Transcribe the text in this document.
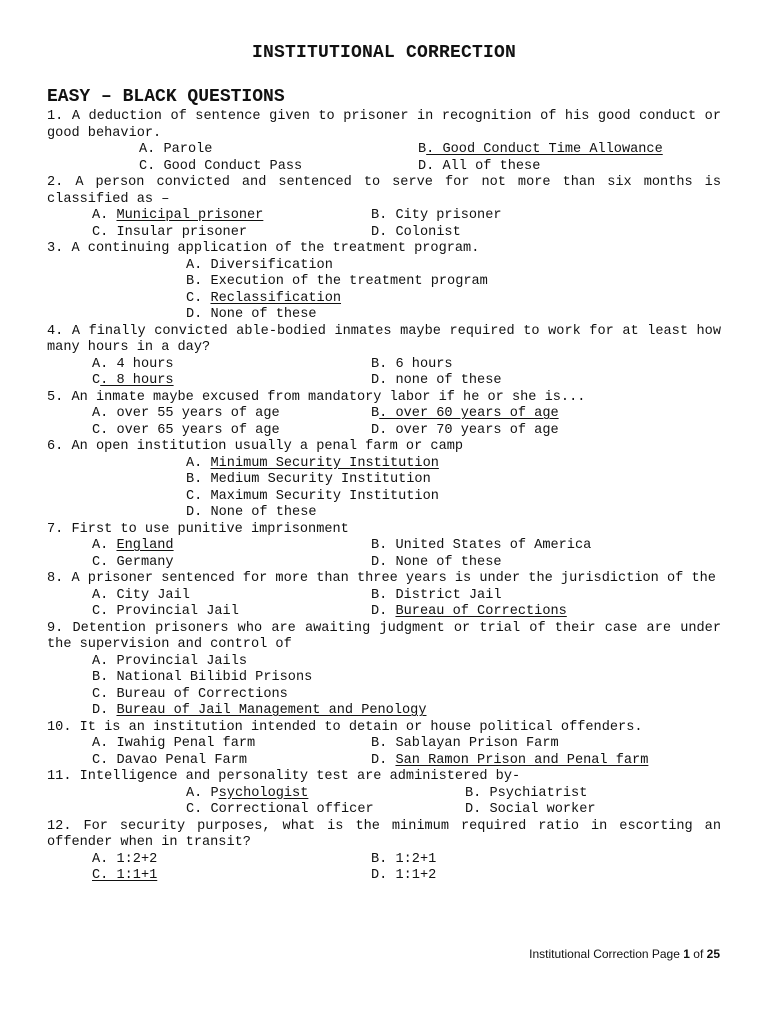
INSTITUTIONAL CORRECTION
EASY – BLACK QUESTIONS
1. A deduction of sentence given to prisoner in recognition of his good conduct or good behavior.
A. Parole	B. Good Conduct Time Allowance
C. Good Conduct Pass	D. All of these
2. A person convicted and sentenced to serve for not more than six months is classified as –
A. Municipal prisoner	B. City prisoner
C. Insular prisoner	D. Colonist
3. A continuing application of the treatment program.
A. Diversification
B. Execution of the treatment program
C. Reclassification
D. None of these
4. A finally convicted able-bodied inmates maybe required to work for at least how many hours in a day?
A. 4 hours	B. 6 hours
C. 8 hours	D. none of these
5. An inmate maybe excused from mandatory labor if he or she is...
A. over 55 years of age	B. over 60 years of age
C. over 65 years of age	D. over 70 years of age
6. An open institution usually a penal farm or camp
A. Minimum Security Institution
B. Medium Security Institution
C. Maximum Security Institution
D. None of these
7. First to use punitive imprisonment
A. England	B. United States of America
C. Germany	D. None of these
8. A prisoner sentenced for more than three years is under the jurisdiction of the
A. City Jail	B. District Jail
C. Provincial Jail	D. Bureau of Corrections
9. Detention prisoners who are awaiting judgment or trial of their case are under the supervision and control of
A. Provincial Jails
B. National Bilibid Prisons
C. Bureau of Corrections
D. Bureau of Jail Management and Penology
10. It is an institution intended to detain or house political offenders.
A. Iwahig Penal farm	B. Sablayan Prison Farm
C. Davao Penal Farm	D. San Ramon Prison and Penal farm
11. Intelligence and personality test are administered by-
A. Psychologist	B. Psychiatrist
C. Correctional officer	D. Social worker
12. For security purposes, what is the minimum required ratio in escorting an offender when in transit?
A. 1:2+2	B. 1:2+1
C. 1:1+1	D. 1:1+2
Institutional Correction Page 1 of 25
